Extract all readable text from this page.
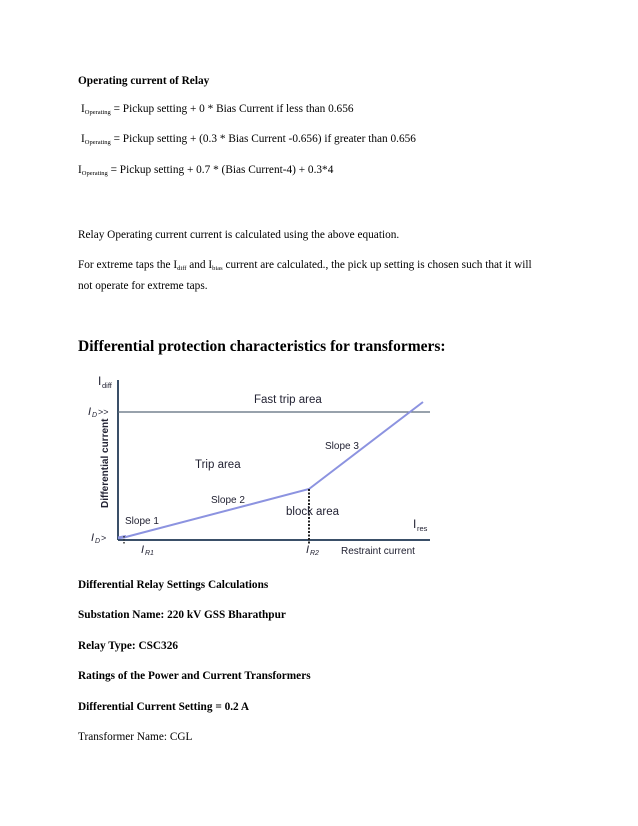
Operating current of Relay
IOperating = Pickup setting + 0 * Bias Current if less than 0.656
IOperating = Pickup setting + (0.3 * Bias Current -0.656) if greater than 0.656
IOperating = Pickup setting + 0.7 * (Bias Current-4) + 0.3*4
Relay Operating current current is calculated using the above equation.
For extreme taps the Idiff and Ibias current are calculated., the pick up setting is chosen such that it will
not operate for extreme taps.
Differential protection characteristics for transformers:
I diff
I D >>
I D >
Differential current
Fast trip area
Trip area
block area
Slope 1
Slope 2
Slope 3
I res
I R1	I R2 Restraint current
Differential Relay Settings Calculations
Substation Name: 220 kV GSS Bharathpur
Relay Type: CSC326
Ratings of the Power and Current Transformers
Differential Current Setting = 0.2 A
Transformer Name: CGL
